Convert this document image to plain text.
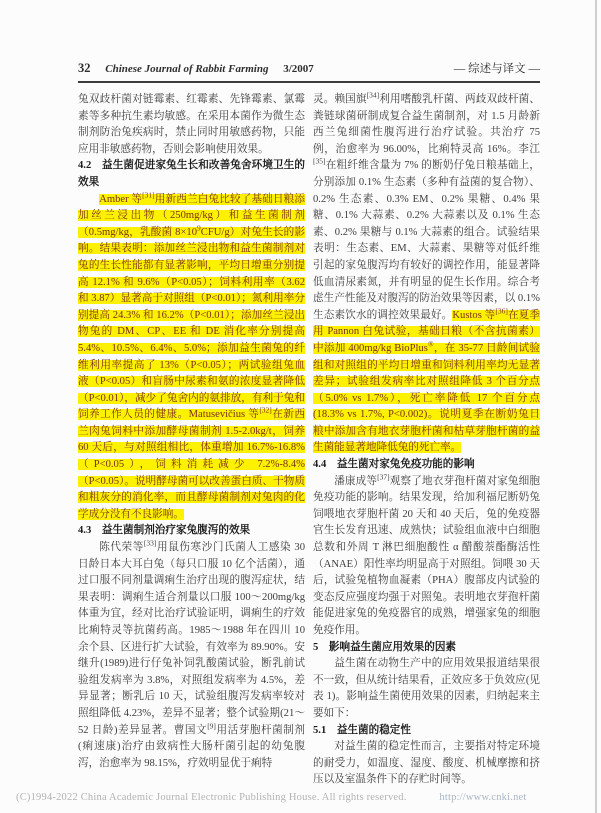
32 Chinese Journal of Rabbit Farming 3/2007	— 综述与译文 —

兔双歧杆菌对链霉素、红霉素、先锋霉素、氯霉素等多种抗生素均敏感。在采用本菌作为微生态制剂防治兔疾病时，禁止同时用敏感药物，只能应用非敏感药物，否则会影响使用效果。

4.2　益生菌促进家兔生长和改善兔舍环境卫生的效果

Amber 等[31]用新西兰白兔比较了基础日粮添加丝兰浸出物（250mg/kg）和益生菌制剂（0.5mg/kg，乳酸菌 $8\times 10^9CFU/g$）对兔生长的影响。结果表明：添加丝兰浸出物和益生菌制剂对兔的生长性能都有显著影响，平均日增重分别提高 12.1% 和 9.6%（P<0.05）；饲料利用率（3.62 和 3.87）显著高于对照组（P<0.01）；氮利用率分别提高 24.3% 和 16.2%（P<0.01）；添加丝兰浸出物兔的 DM、CP、EE 和 DE 消化率分别提高 5.4%、10.5%、6.4%、5.0%；添加益生菌兔的纤维利用率提高了 13%（P<0.05）；两试验组兔血液（P<0.05）和盲肠中尿素和氨的浓度显著降低（P<0.01），减少了兔舍内的氨排放，有利于兔和饲养工作人员的健康。Matusevičius 等[32]在新西兰肉兔饲料中添加酵母菌制剂 1.5-2.0kg/t，饲养 60 天后，与对照组相比，体重增加 16.7%-16.8%（P<0.05），饲料消耗减少 7.2%-8.4%（P<0.05）。说明酵母菌可以改善蛋白质、干物质和粗灰分的消化率，而且酵母菌制剂对兔肉的化学成分没有不良影响。

4.3　益生菌制剂治疗家兔腹泻的效果

陈代荣等[33]用鼠伤寒沙门氏菌人工感染 30 日龄日本大耳白兔（每只口服 10 亿个活菌），通过口服不同剂量调痢生治疗出现的腹泻症状，结果表明：调痢生适合剂量以口服 100～200mg/kg 体重为宜，经对比治疗试验证明，调痢生的疗效比痢特灵等抗菌药高。1985～1988 年在四川 10 余个县、区进行扩大试验，有效率为 89.90%。安继升(1989)进行仔兔补饲乳酸菌试验，断乳前试验组发病率为 3.8%，对照组发病率为 4.5%，差异显著；断乳后 10 天，试验组腹泻发病率较对照组降低 4.23%，差异不显著；整个试验期(21～52 日龄)差异显著。曹国文[9]用活芽胞杆菌制剂(痢速康)治疗由致病性大肠杆菌引起的幼兔腹泻，治愈率为 98.15%，疗效明显优于痢特

灵。赖国旗[34]利用嗜酸乳杆菌、两歧双歧杆菌、粪链球菌研制成复合益生菌制剂，对 1.5 月龄新西兰兔细菌性腹泻进行治疗试验。共治疗 75 例，治愈率为 96.00%，比痢特灵高 16%。李江[35]在粗纤维含量为 7% 的断奶仔兔日粮基础上，分别添加 0.1% 生态素（多种有益菌的复合物）、0.2% 生态素、0.3% EM、0.2% 果糖、0.4% 果糖、0.1% 大蒜素、0.2% 大蒜素以及 0.1% 生态素、0.2% 果糖与 0.1% 大蒜素的组合。试验结果表明：生态素、EM、大蒜素、果糖等对低纤维引起的家兔腹泻均有较好的调控作用，能显著降低血清尿素氮，并有明显的促生长作用。综合考虑生产性能及对腹泻的防治效果等因素，以 0.1% 生态素饮水的调控效果最好。Kustos 等[36]在夏季用 Pannon 白兔试验，基础日粮（不含抗菌素）中添加 400mg/kg BioPlus®，在 35-77 日龄间试验组和对照组的平均日增重和饲料利用率均无显著差异；试验组发病率比对照组降低 3 个百分点（5.0% vs 1.7%），死亡率降低 17 个百分点(18.3% vs 1.7%, P<0.002)。说明夏季在断奶兔日粮中添加含有地衣芽胞杆菌和枯草芽胞杆菌的益生菌能显著地降低兔的死亡率。

4.4　益生菌对家兔免疫功能的影响

潘康成等[37]观察了地衣芽孢杆菌对家兔细胞免疫功能的影响。结果发现，给加利福尼断奶兔饲喂地衣芽胞杆菌 20 天和 40 天后，兔的免疫器官生长发育迅速、成熟快；试验组血液中白细胞总数和外周 T 淋巴细胞酸性 α 醋酸萘酯酶活性（ANAE）阳性率均明显高于对照组。饲喂 30 天后，试验兔植物血凝素（PHA）腹部皮内试验的变态反应强度均强于对照兔。表明地衣芽孢杆菌能促进家兔的免疫器官的成熟，增强家兔的细胞免疫作用。

5　影响益生菌应用效果的因素

益生菌在动物生产中的应用效果报道结果很不一致，但从统计结果看，正效应多于负效应(见表 1)。影响益生菌使用效果的因素，归纳起来主要如下：

5.1　益生菌的稳定性

对益生菌的稳定性而言，主要指对特定环境的耐受力，如温度、湿度、酸度、机械摩擦和挤压以及室温条件下的存贮时间等。

(C)1994-2022 China Academic Journal Electronic Publishing House. All rights reserved.	http://www.cnki.net
